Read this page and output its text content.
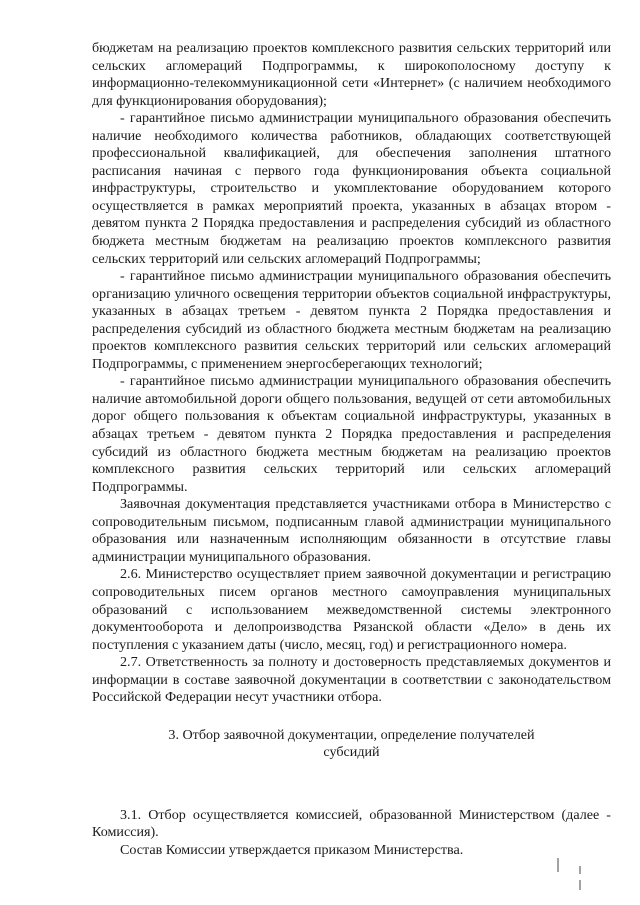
бюджетам на реализацию проектов комплексного развития сельских территорий или сельских агломераций Подпрограммы, к широкополосному доступу к информационно-телекоммуникационной сети «Интернет» (с наличием необходимого для функционирования оборудования);

- гарантийное письмо администрации муниципального образования обеспечить наличие необходимого количества работников, обладающих соответствующей профессиональной квалификацией, для обеспечения заполнения штатного расписания начиная с первого года функционирования объекта социальной инфраструктуры, строительство и укомплектование оборудованием которого осуществляется в рамках мероприятий проекта, указанных в абзацах втором - девятом пункта 2 Порядка предоставления и распределения субсидий из областного бюджета местным бюджетам на реализацию проектов комплексного развития сельских территорий или сельских агломераций Подпрограммы;

- гарантийное письмо администрации муниципального образования обеспечить организацию уличного освещения территории объектов социальной инфраструктуры, указанных в абзацах третьем - девятом пункта 2 Порядка предоставления и распределения субсидий из областного бюджета местным бюджетам на реализацию проектов комплексного развития сельских территорий или сельских агломераций Подпрограммы, с применением энергосберегающих технологий;

- гарантийное письмо администрации муниципального образования обеспечить наличие автомобильной дороги общего пользования, ведущей от сети автомобильных дорог общего пользования к объектам социальной инфраструктуры, указанных в абзацах третьем - девятом пункта 2 Порядка предоставления и распределения субсидий из областного бюджета местным бюджетам на реализацию проектов комплексного развития сельских территорий или сельских агломераций Подпрограммы.

Заявочная документация представляется участниками отбора в Министерство с сопроводительным письмом, подписанным главой администрации муниципального образования или назначенным исполняющим обязанности в отсутствие главы администрации муниципального образования.

2.6. Министерство осуществляет прием заявочной документации и регистрацию сопроводительных писем органов местного самоуправления муниципальных образований с использованием межведомственной системы электронного документооборота и делопроизводства Рязанской области «Дело» в день их поступления с указанием даты (число, месяц, год) и регистрационного номера.

2.7. Ответственность за полноту и достоверность представляемых документов и информации в составе заявочной документации в соответствии с законодательством Российской Федерации несут участники отбора.

3. Отбор заявочной документации, определение получателей
субсидий

3.1. Отбор осуществляется комиссией, образованной Министерством (далее - Комиссия).

Состав Комиссии утверждается приказом Министерства.
